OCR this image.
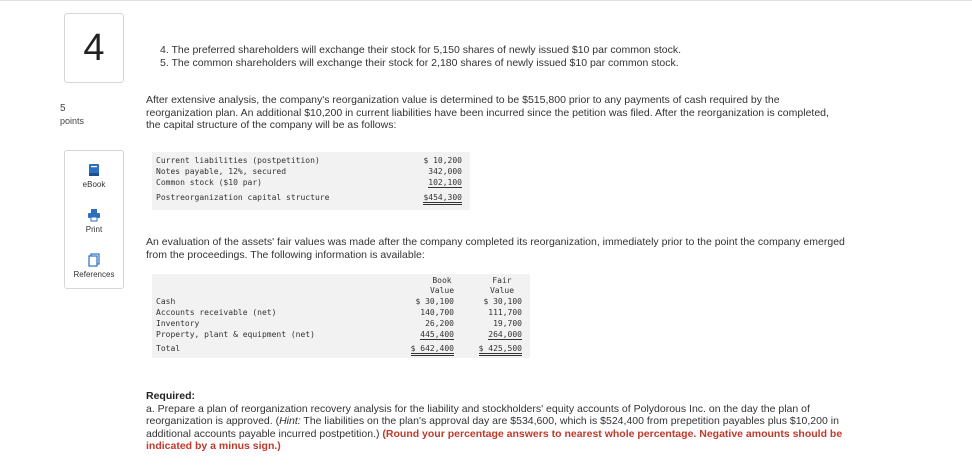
4
5
points
eBook
Print
References
4. The preferred shareholders will exchange their stock for 5,150 shares of newly issued $10 par common stock.
5. The common shareholders will exchange their stock for 2,180 shares of newly issued $10 par common stock.
After extensive analysis, the company's reorganization value is determined to be $515,800 prior to any payments of cash required by the reorganization plan. An additional $10,200 in current liabilities have been incurred since the petition was filed. After the reorganization is completed, the capital structure of the company will be as follows:
Current liabilities (postpetition)	$ 10,200
Notes payable, 12%, secured	342,000
Common stock ($10 par)	102,100
Postreorganization capital structure	$454,300
An evaluation of the assets' fair values was made after the company completed its reorganization, immediately prior to the point the company emerged from the proceedings. The following information is available:
Book
Value
Fair
Value
Cash	$ 30,100	$ 30,100
Accounts receivable (net)	140,700	111,700
Inventory	26,200	19,700
Property, plant & equipment (net)	445,400	264,000
Total	$ 642,400	$ 425,500
Required:
a. Prepare a plan of reorganization recovery analysis for the liability and stockholders' equity accounts of Polydorous Inc. on the day the plan of reorganization is approved. (Hint: The liabilities on the plan's approval day are $534,600, which is $524,400 from prepetition payables plus $10,200 in additional accounts payable incurred postpetition.) (Round your percentage answers to nearest whole percentage. Negative amounts should be indicated by a minus sign.)
